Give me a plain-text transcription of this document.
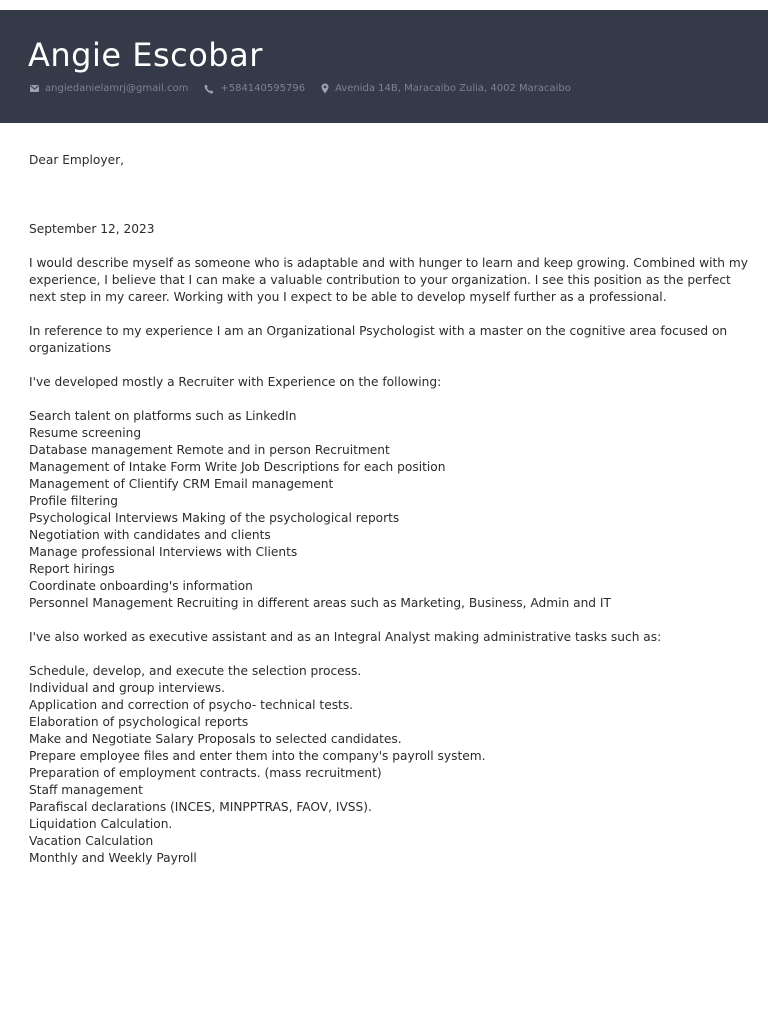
Angie Escobar
angiedanielamrj@gmail.com	+584140595796	Avenida 14B, Maracaibo Zulia, 4002 Maracaibo

Dear Employer,

September 12, 2023

I would describe myself as someone who is adaptable and with hunger to learn and keep growing. Combined with my experience, I believe that I can make a valuable contribution to your organization. I see this position as the perfect next step in my career. Working with you I expect to be able to develop myself further as a professional.

In reference to my experience I am an Organizational Psychologist with a master on the cognitive area focused on organizations

I've developed mostly a Recruiter with Experience on the following:

Search talent on platforms such as LinkedIn
Resume screening
Database management Remote and in person Recruitment
Management of Intake Form Write Job Descriptions for each position
Management of Clientify CRM Email management
Profile filtering
Psychological Interviews Making of the psychological reports
Negotiation with candidates and clients
Manage professional Interviews with Clients
Report hirings
Coordinate onboarding's information
Personnel Management Recruiting in different areas such as Marketing, Business, Admin and IT

I've also worked as executive assistant and as an Integral Analyst making administrative tasks such as:

Schedule, develop, and execute the selection process.
Individual and group interviews.
Application and correction of psycho- technical tests.
Elaboration of psychological reports
Make and Negotiate Salary Proposals to selected candidates.
Prepare employee files and enter them into the company's payroll system.
Preparation of employment contracts. (mass recruitment)
Staff management
Parafiscal declarations (INCES, MINPPTRAS, FAOV, IVSS).
Liquidation Calculation.
Vacation Calculation
Monthly and Weekly Payroll
